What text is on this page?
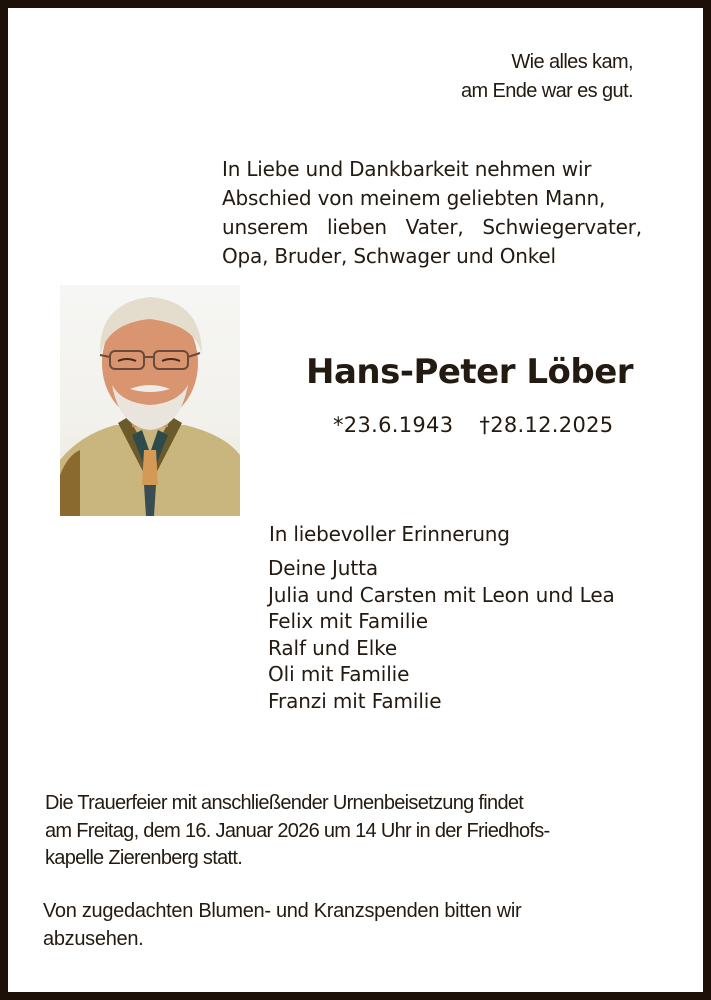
Wie alles kam,
am Ende war es gut.
In Liebe und Dankbarkeit nehmen wir
Abschied von meinem geliebten Mann,
unserem lieben Vater, Schwiegervater,
Opa, Bruder, Schwager und Onkel
Hans-Peter Löber
*23.6.1943 †28.12.2025
In liebevoller Erinnerung
Deine Jutta
Julia und Carsten mit Leon und Lea
Felix mit Familie
Ralf und Elke
Oli mit Familie
Franzi mit Familie
Die Trauerfeier mit anschließender Urnenbeisetzung findet
am Freitag, dem 16. Januar 2026 um 14 Uhr in der Friedhofs-
kapelle Zierenberg statt.
Von zugedachten Blumen- und Kranzspenden bitten wir
abzusehen.
